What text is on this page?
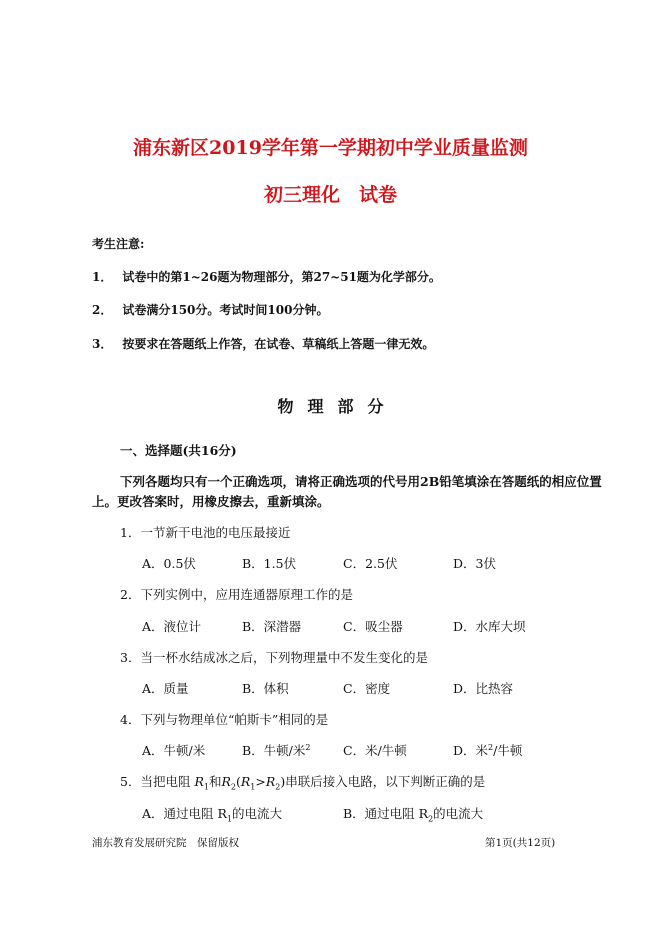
浦东新区2019学年第一学期初中学业质量监测
初三理化　试卷
考生注意:
1． 试卷中的第1~26题为物理部分，第27~51题为化学部分。
2． 试卷满分150分。考试时间100分钟。
3． 按要求在答题纸上作答，在试卷、草稿纸上答题一律无效。
物理部分
一、选择题(共16分)
下列各题均只有一个正确选项，请将正确选项的代号用2B铅笔填涂在答题纸的相应位置
上。更改答案时，用橡皮擦去，重新填涂。
1．一节新干电池的电压最接近
A．0.5伏	B．1.5伏	C．2.5伏	D．3伏
2．下列实例中，应用连通器原理工作的是
A．液位计	B．深潜器	C．吸尘器	D．水库大坝
3．当一杯水结成冰之后，下列物理量中不发生变化的是
A．质量	B．体积	C．密度	D．比热容
4．下列与物理单位“帕斯卡”相同的是
A．牛顿/米	B．牛顿/米$^2$	C．米/牛顿	D．米$^2$/牛顿
5．当把电阻 $R_1$和$R_2(R_1>R_2)$串联后接入电路，以下判断正确的是
A．通过电阻 $R_1$的电流大	B．通过电阻 $R_2$的电流大
浦东教育发展研究院　保留版权	第1页(共12页)
